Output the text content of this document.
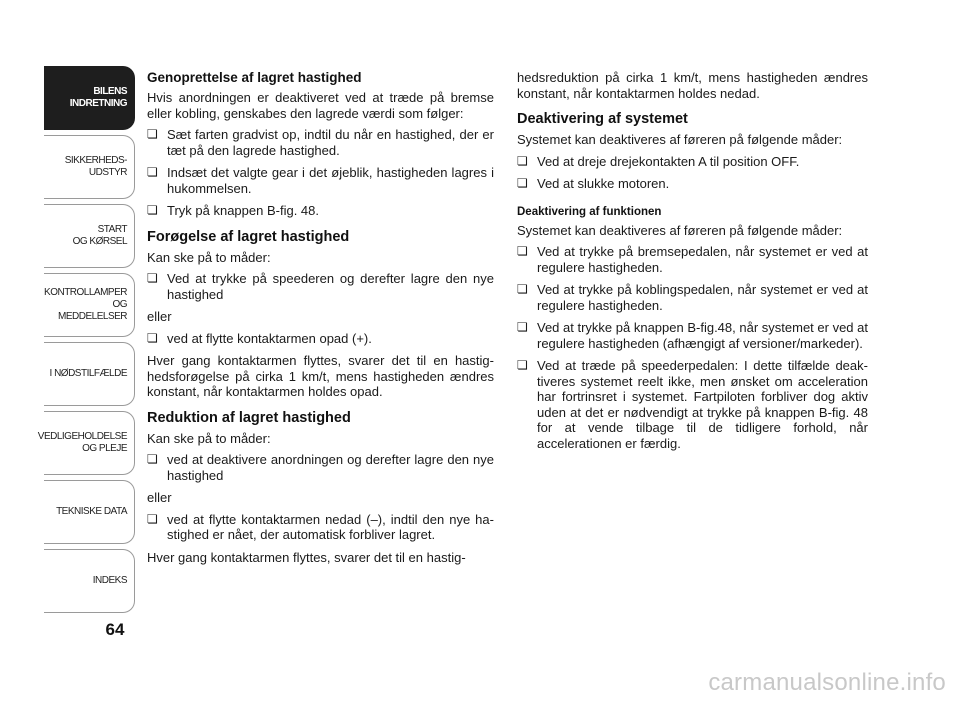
BILENS
INDRETNING
SIKKERHEDS-
UDSTYR
START
OG KØRSEL
KONTROLLAMPER
OG MEDDELELSER
I NØDSTILFÆLDE
VEDLIGEHOLDELSE
OG PLEJE
TEKNISKE DATA
INDEKS
64
Genoprettelse af lagret hastighed

Hvis anordningen er deaktiveret ved at træde på bremse eller kobling, genskabes den lagrede værdi som følger:

❏ Sæt farten gradvist op, indtil du når en hastighed, der er tæt på den lagrede hastighed.
❏ Indsæt det valgte gear i det øjeblik, hastigheden lagres i hukommelsen.
❏ Tryk på knappen B-fig. 48.
Forøgelse af lagret hastighed

Kan ske på to måder:

❏ Ved at trykke på speederen og derefter lagre den nye hastighed

eller

❏ ved at flytte kontaktarmen opad (+).

Hver gang kontaktarmen flyttes, svarer det til en hastighedsforøgelse på cirka 1 km/t, mens hastigheden ændres konstant, når kontaktarmen holdes opad.

Reduktion af lagret hastighed

Kan ske på to måder:

❏ ved at deaktivere anordningen og derefter lagre den nye hastighed

eller

❏ ved at flytte kontaktarmen nedad (–), indtil den nye hastighed er nået, der automatisk forbliver lagret.

Hver gang kontaktarmen flyttes, svarer det til en hastig-

hedsreduktion på cirka 1 km/t, mens hastigheden ændres konstant, når kontaktarmen holdes nedad.

Deaktivering af systemet

Systemet kan deaktiveres af føreren på følgende måder:

❏ Ved at dreje drejekontakten A til position OFF.
❏ Ved at slukke motoren.
Deaktivering af funktionen

Systemet kan deaktiveres af føreren på følgende måder:

❏ Ved at trykke på bremsepedalen, når systemet er ved at regulere hastigheden.
❏ Ved at trykke på koblingspedalen, når systemet er ved at regulere hastigheden.
❏ Ved at trykke på knappen B-fig.48, når systemet er ved at regulere hastigheden (afhængigt af versioner/markeder).
❏ Ved at træde på speederpedalen: I dette tilfælde deaktiveres systemet reelt ikke, men ønsket om acceleration har fortrinsret i systemet. Fartpiloten forbliver dog aktiv uden at det er nødvendigt at trykke på knappen B-fig. 48 for at vende tilbage til de tidligere forhold, når accelerationen er færdig.
carmanualsonline.info
